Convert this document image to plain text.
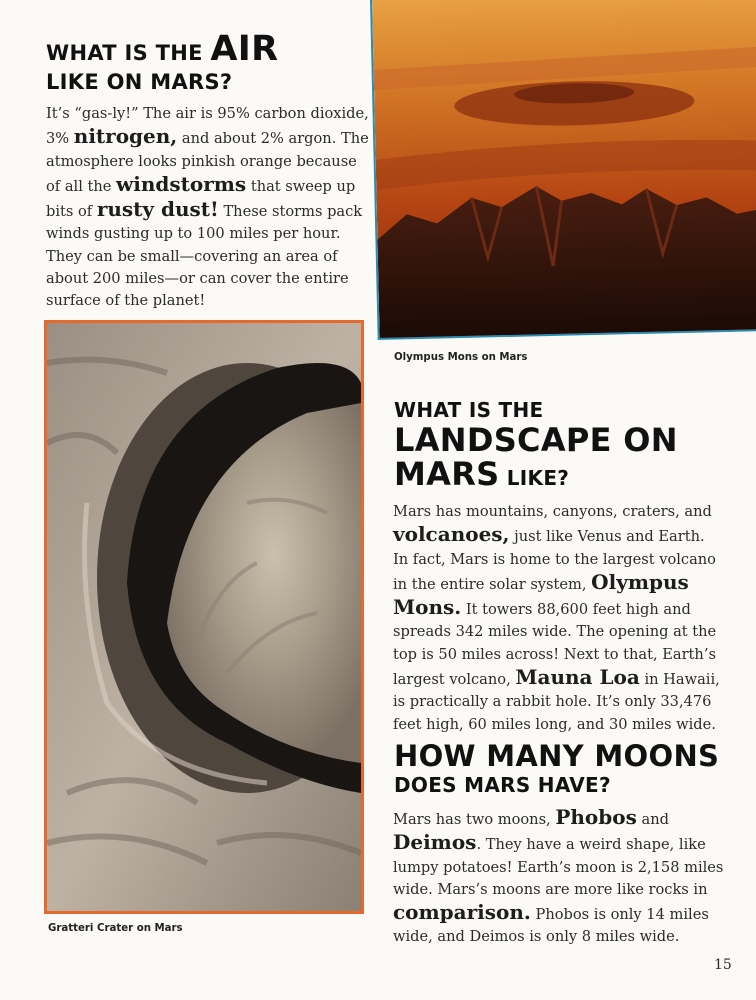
WHAT IS THE AIR
LIKE ON MARS?
It’s “gas-ly!” The air is 95% carbon dioxide,
3% nitrogen, and about 2% argon. The
atmosphere looks pinkish orange because
of all the windstorms that sweep up
bits of rusty dust! These storms pack
winds gusting up to 100 miles per hour.
They can be small—covering an area of
about 200 miles—or can cover the entire
surface of the planet!
Olympus Mons on Mars
Gratteri Crater on Mars
WHAT IS THE
LANDSCAPE ON
MARS LIKE?
Mars has mountains, canyons, craters, and
volcanoes, just like Venus and Earth.
In fact, Mars is home to the largest volcano
in the entire solar system, Olympus
Mons. It towers 88,600 feet high and
spreads 342 miles wide. The opening at the
top is 50 miles across! Next to that, Earth’s
largest volcano, Mauna Loa in Hawaii,
is practically a rabbit hole. It’s only 33,476
feet high, 60 miles long, and 30 miles wide.
HOW MANY MOONS
DOES MARS HAVE?
Mars has two moons, Phobos and
Deimos. They have a weird shape, like
lumpy potatoes! Earth’s moon is 2,158 miles
wide. Mars’s moons are more like rocks in
comparison. Phobos is only 14 miles
wide, and Deimos is only 8 miles wide.
15
